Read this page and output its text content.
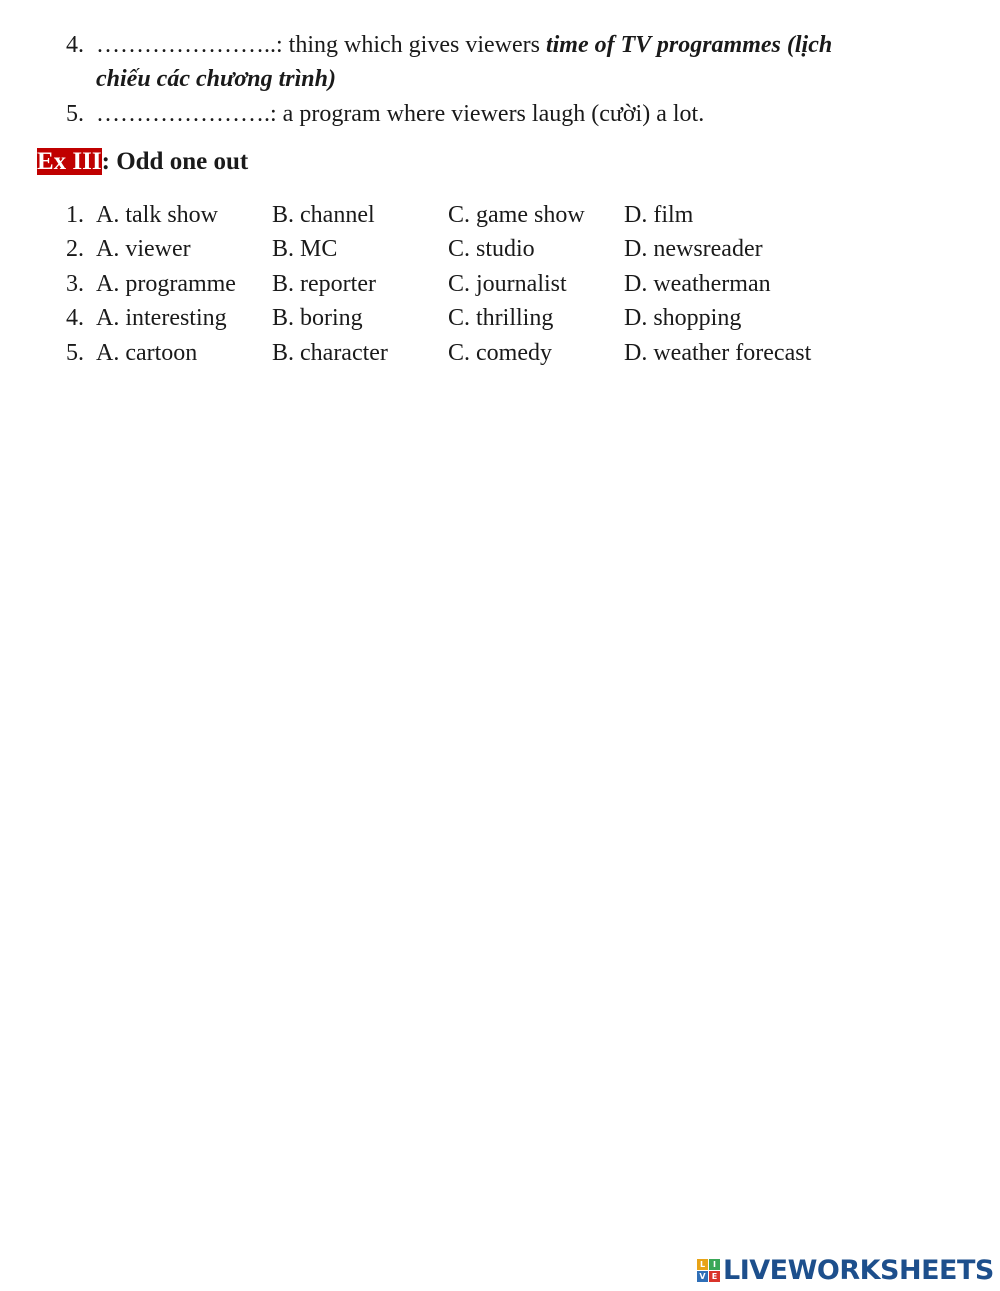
4. …………………..: thing which gives viewers time of TV programmes (lịch
chiếu các chương trình)
5. ………………….: a program where viewers laugh (cười) a lot.
Ex III: Odd one out
1. A. talk show B. channel	C. game show D. film
2. A. viewer	B. MC	C. studio	D. newsreader
3. A. programme B. reporter	C. journalist D. weatherman
4. A. interesting B. boring	C. thrilling	D. shopping
5. A. cartoon	B. character	C. comedy	D. weather forecast
L I
V E LIVEWORKSHEETS
